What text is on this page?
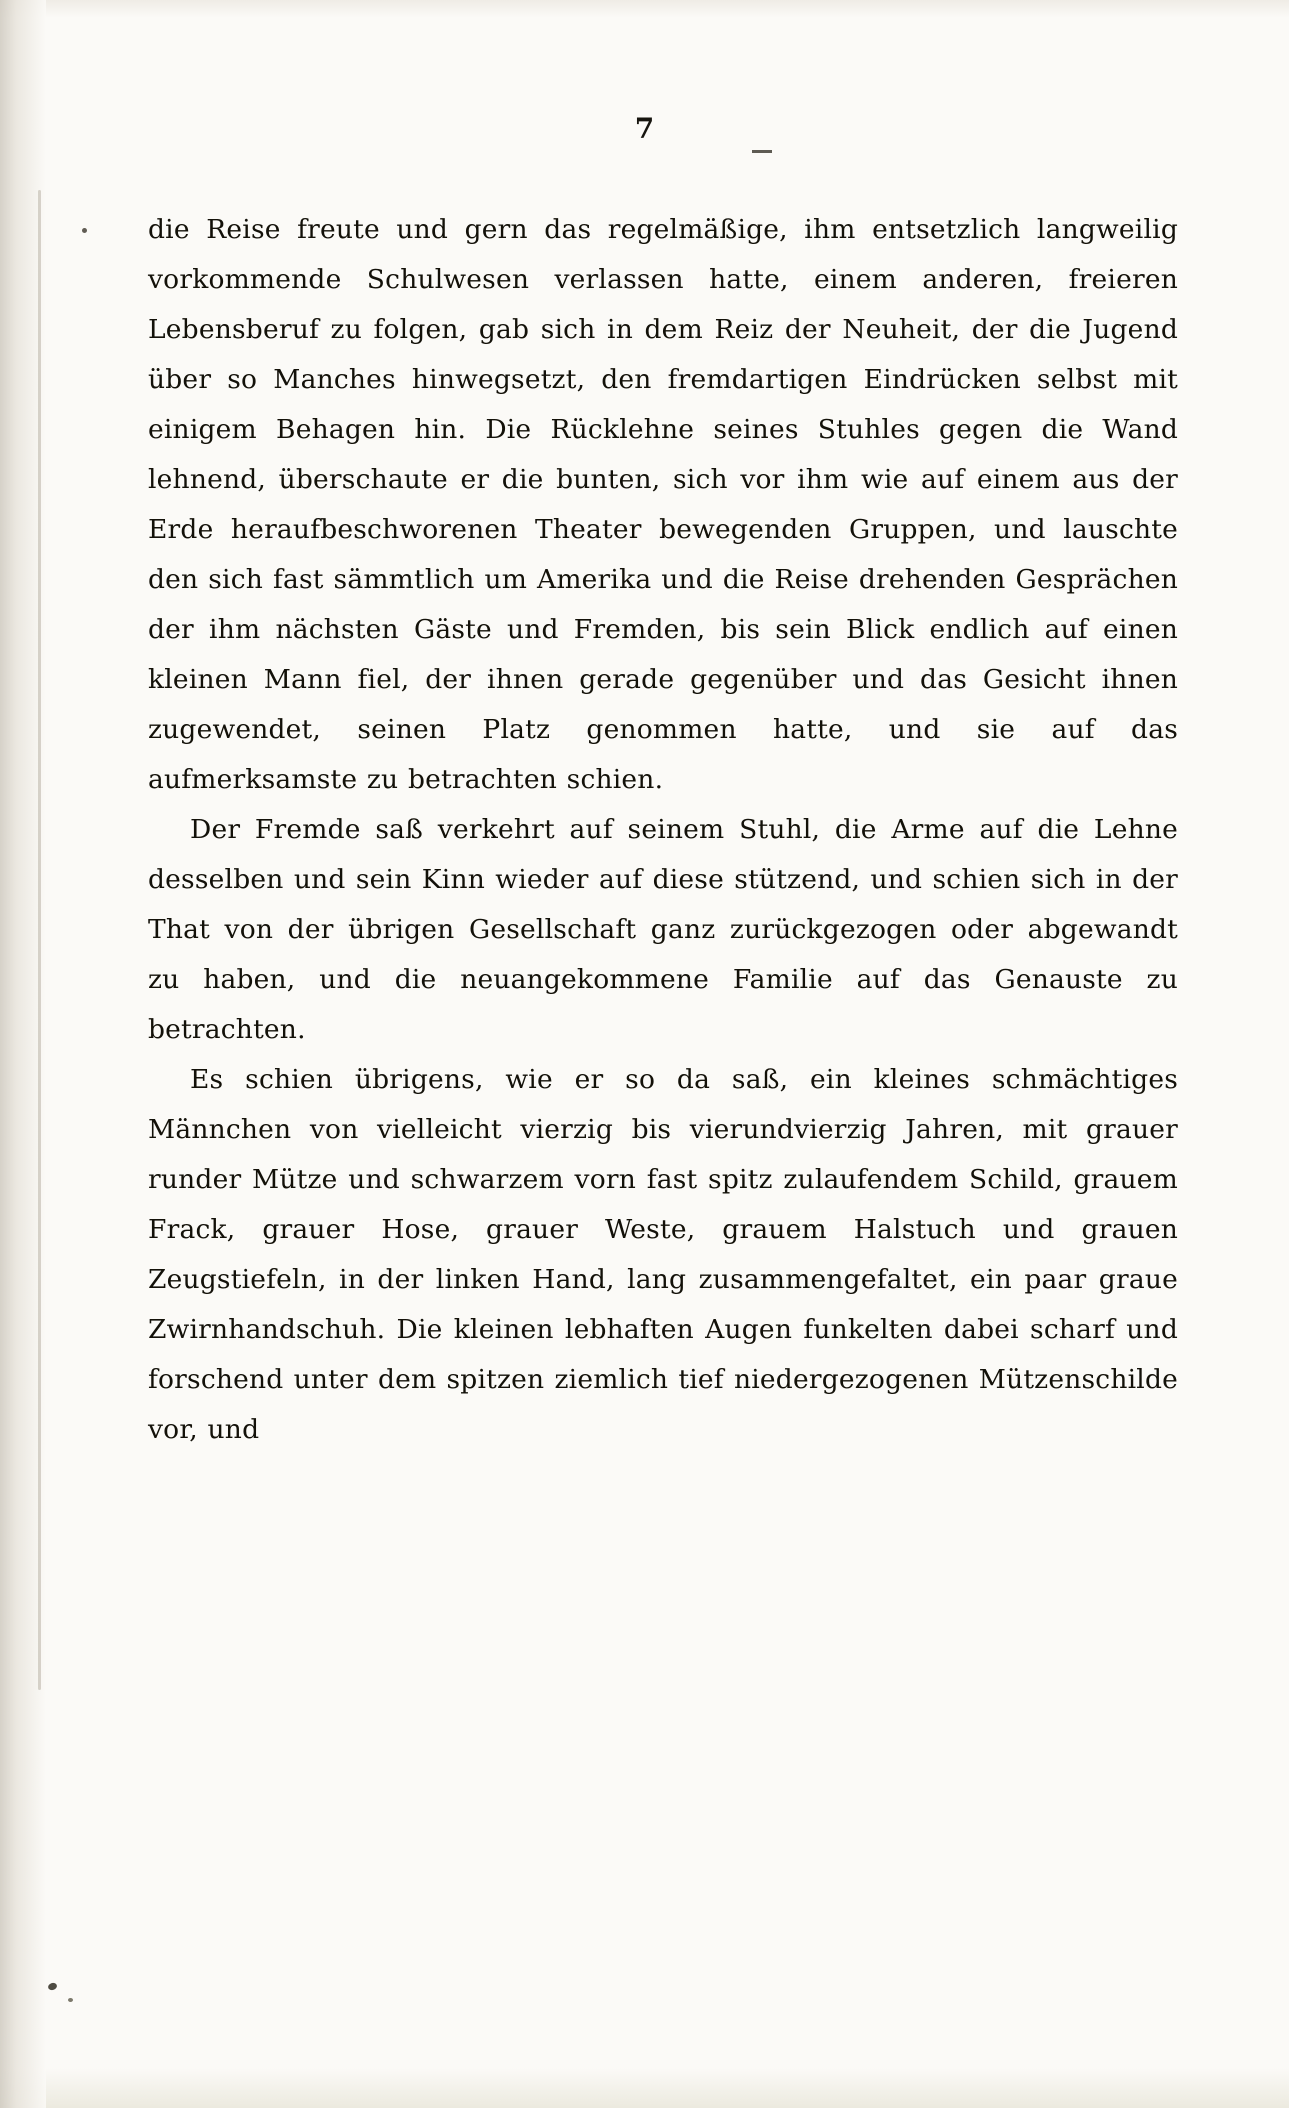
7

die Reise freute und gern das regelmäßige, ihm entsetzlich langweilig vorkommende Schulwesen verlassen hatte, einem anderen, freieren Lebensberuf zu folgen, gab sich in dem Reiz der Neuheit, der die Jugend über so Manches hinwegsetzt, den fremdartigen Eindrücken selbst mit einigem Behagen hin. Die Rücklehne seines Stuhles gegen die Wand lehnend, überschaute er die bunten, sich vor ihm wie auf einem aus der Erde heraufbeschworenen Theater bewegenden Gruppen, und lauschte den sich fast sämmtlich um Amerika und die Reise drehenden Gesprächen der ihm nächsten Gäste und Fremden, bis sein Blick endlich auf einen kleinen Mann fiel, der ihnen gerade gegenüber und das Gesicht ihnen zugewendet, seinen Platz genommen hatte, und sie auf das aufmerksamste zu betrachten schien.

Der Fremde saß verkehrt auf seinem Stuhl, die Arme auf die Lehne desselben und sein Kinn wieder auf diese stützend, und schien sich in der That von der übrigen Gesellschaft ganz zurückgezogen oder abgewandt zu haben, und die neuangekommene Familie auf das Genauste zu betrachten.

Es schien übrigens, wie er so da saß, ein kleines schmächtiges Männchen von vielleicht vierzig bis vierundvierzig Jahren, mit grauer runder Mütze und schwarzem vorn fast spitz zulaufendem Schild, grauem Frack, grauer Hose, grauer Weste, grauem Halstuch und grauen Zeugstiefeln, in der linken Hand, lang zusammengefaltet, ein paar graue Zwirnhandschuh. Die kleinen lebhaften Augen funkelten dabei scharf und forschend unter dem spitzen ziemlich tief niedergezogenen Mützenschilde vor, und
